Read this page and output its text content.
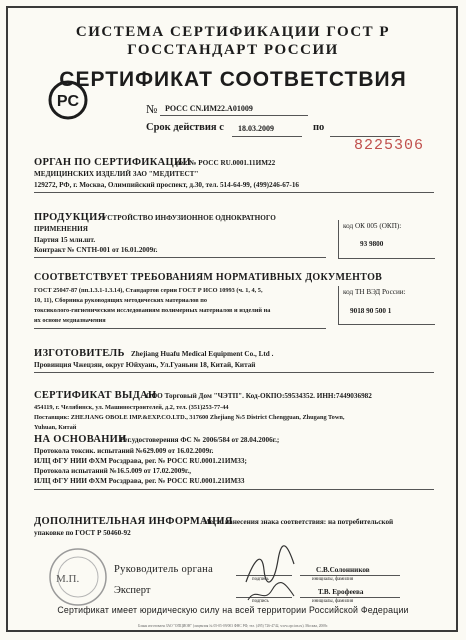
СИСТЕМА СЕРТИФИКАЦИИ ГОСТ Р
ГОССТАНДАРТ РОССИИ
PC
СЕРТИФИКАТ СООТВЕТСТВИЯ
№ РОСС CN.ИМ22.А01009
Срок действия с 18.03.2009	по
8225306
ОРГАН ПО СЕРТИФИКАЦИИ
рег. № РОСС RU.0001.11ИМ22
МЕДИЦИНСКИХ ИЗДЕЛИЙ ЗАО "МЕДИТЕСТ"
129272, РФ, г. Москва, Олимпийский проспект, д.30, тел. 514-64-99, (499)246-67-16
ПРОДУКЦИЯ
УСТРОЙСТВО ИНФУЗИОННОЕ ОДНОКРАТНОГО
ПРИМЕНЕНИЯ
Партия 15 млн.шт.
Контракт № CNTH-001 от 16.01.2009г.
код ОК 005 (ОКП):
93 9800
СООТВЕТСТВУЕТ ТРЕБОВАНИЯМ НОРМАТИВНЫХ ДОКУМЕНТОВ
ГОСТ 25047-87 (пп.1.3.1-1.3.14), Стандартов серии ГОСТ Р ИСО 10993 (ч. 1, 4, 5,
10, 11), Сборника руководящих методических материалов по
токсиколого-гигиеническим исследованиям полимерных материалов и изделий на
их основе медназначения
код ТН ВЭД России:
9018 90 500 1
ИЗГОТОВИТЕЛЬ Zhejiang Huafu Medical Equipment Co., Ltd .
Провинция Чжецзян, округ Юйхуань, Ул.Гуаньин 18, Китай, Китай
СЕРТИФИКАТ ВЫДАН
ООО Торговый Дом "ЧЭТП". Код-ОКПО:59534352. ИНН:7449036982
454119, г. Челябинск, ул. Машиностроителей, д.2, тел. (351)253-77-44
Поставщик: ZHEJIANG OBOLE IMP.&EXP.CO.LTD., 317600 Zhejiang №5 District Chengguan, Zhugang Town,
Yuhuan, Китай
НА ОСНОВАНИИ
Рег.удостоверения ФС № 2006/584 от 28.04.2006г.;
Протокола токсик. испытаний №629.009 от 16.02.2009г.
ИЛЦ ФГУ НИИ ФХМ Росздрава, рег. № РОСС RU.0001.21ИМ33;
Протокола испытаний №16.5.009 от 17.02.2009г.,
ИЛЦ ФГУ НИИ ФХМ Росздрава, рег. № РОСС RU.0001.21ИМ33
ДОПОЛНИТЕЛЬНАЯ ИНФОРМАЦИЯ
Место нанесения знака соответствия: на потребительской
упаковке по ГОСТ Р 50460-92
М.П.
Руководитель органа
подпись
С.В.Солонников
инициалы, фамилия
Эксперт
подпись
Т.В. Ерофеева
инициалы, фамилия
Сертификат имеет юридическую силу на всей территории Российской Федерации
Бланк изготовлен ЗАО "ОПЦИОН" (лицензия № 05-05-09/003 ФНС РФ, тел. (495) 726-4742, www.opcion.ru). Москва, 2008г.
